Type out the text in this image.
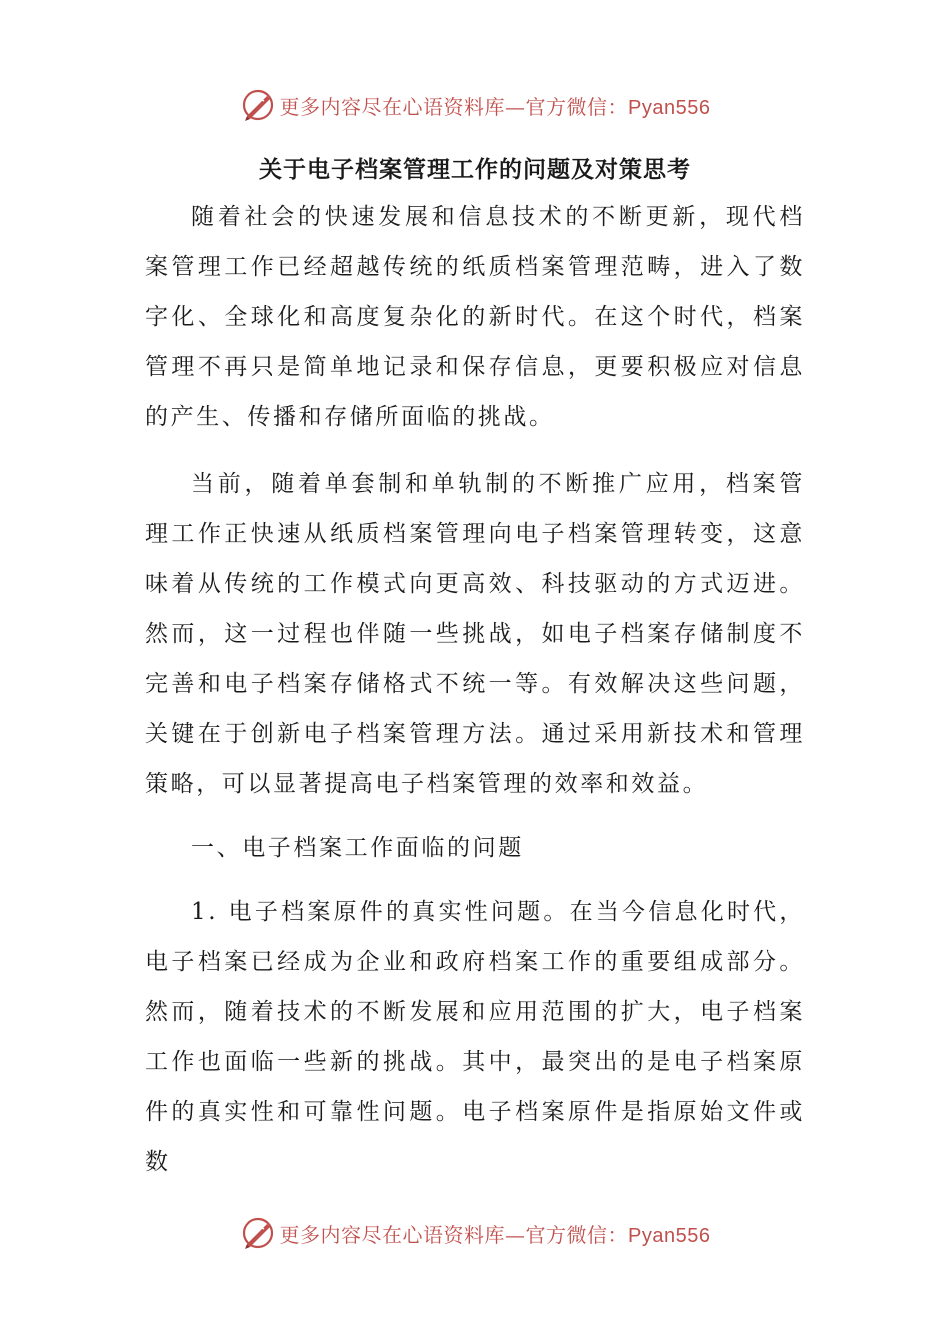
更多内容尽在心语资料库—官方微信：Pyan556
关于电子档案管理工作的问题及对策思考

随着社会的快速发展和信息技术的不断更新，现代档案管理工作已经超越传统的纸质档案管理范畴，进入了数字化、全球化和高度复杂化的新时代。在这个时代，档案管理不再只是简单地记录和保存信息，更要积极应对信息的产生、传播和存储所面临的挑战。

当前，随着单套制和单轨制的不断推广应用，档案管理工作正快速从纸质档案管理向电子档案管理转变，这意味着从传统的工作模式向更高效、科技驱动的方式迈进。然而，这一过程也伴随一些挑战，如电子档案存储制度不完善和电子档案存储格式不统一等。有效解决这些问题，关键在于创新电子档案管理方法。通过采用新技术和管理策略，可以显著提高电子档案管理的效率和效益。

一、电子档案工作面临的问题

1. 电子档案原件的真实性问题。在当今信息化时代，电子档案已经成为企业和政府档案工作的重要组成部分。然而，随着技术的不断发展和应用范围的扩大，电子档案工作也面临一些新的挑战。其中，最突出的是电子档案原件的真实性和可靠性问题。电子档案原件是指原始文件或数

更多内容尽在心语资料库—官方微信：Pyan556
